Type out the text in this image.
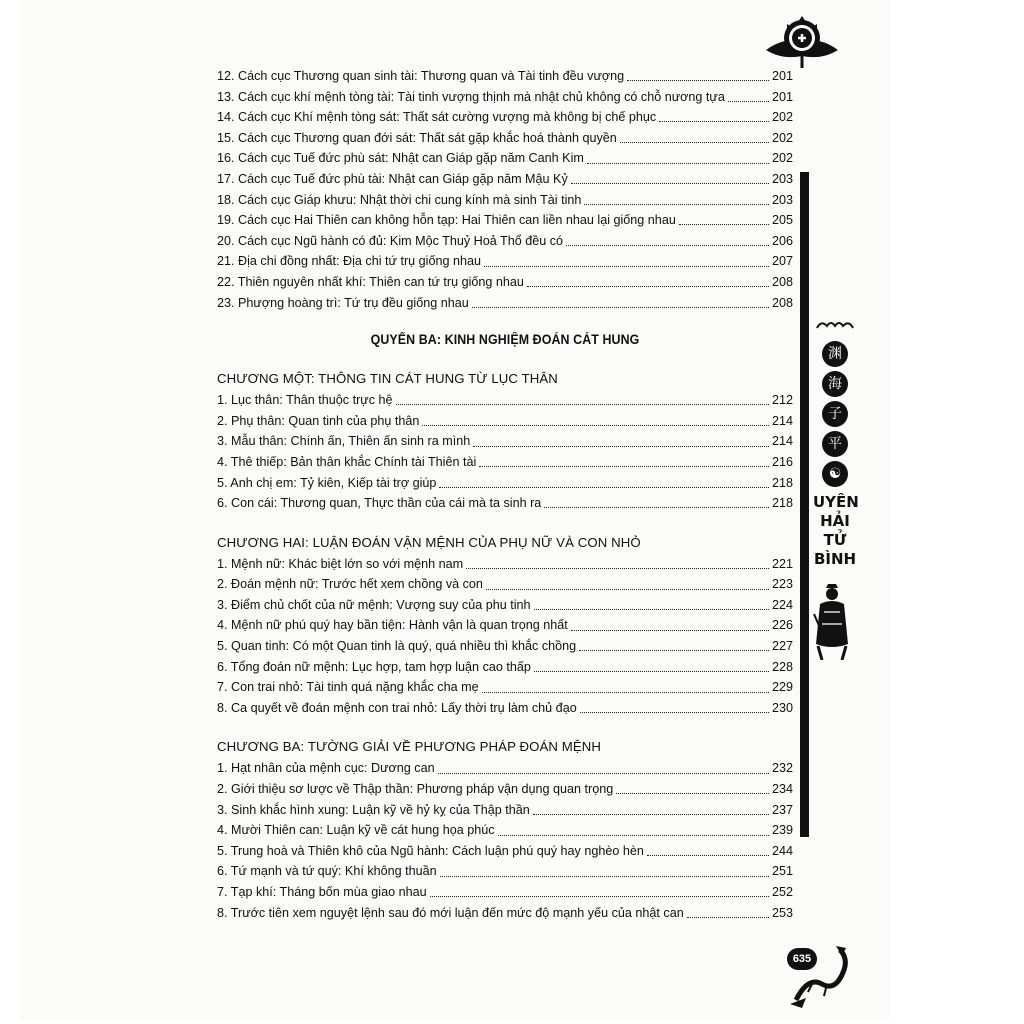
12. Cách cục Thương quan sinh tài: Thương quan và Tài tinh đều vượng	201
13. Cách cục khí mệnh tòng tài: Tài tinh vượng thịnh mà nhật chủ không có chỗ nương tựa	201
14. Cách cục Khí mệnh tòng sát: Thất sát cường vượng mà không bị chế phục	202
15. Cách cục Thương quan đới sát: Thất sát gặp khắc hoá thành quyền	202
16. Cách cục Tuế đức phù sát: Nhật can Giáp gặp năm Canh Kim	202
17. Cách cục Tuế đức phù tài: Nhật can Giáp gặp năm Mậu Kỷ	203
18. Cách cục Giáp khưu: Nhật thời chi cung kính mà sinh Tài tinh	203
19. Cách cục Hai Thiên can không hỗn tạp: Hai Thiên can liền nhau lại giống nhau	205
20. Cách cục Ngũ hành có đủ: Kim Mộc Thuỷ Hoả Thổ đều có	206
21. Địa chi đồng nhất: Địa chi tứ trụ giống nhau	207
22. Thiên nguyên nhất khí: Thiên can tứ trụ giống nhau	208
23. Phượng hoàng trì: Tứ trụ đều giống nhau	208
QUYỂN BA: KINH NGHIỆM ĐOÁN CÁT HUNG
CHƯƠNG MỘT: THÔNG TIN CÁT HUNG TỪ LỤC THÂN
1. Lục thân: Thân thuộc trực hệ	212
2. Phụ thân: Quan tinh của phụ thân	214
3. Mẫu thân: Chính ấn, Thiên ấn sinh ra mình	214
4. Thê thiếp: Bản thân khắc Chính tài Thiên tài	216
5. Anh chị em: Tỷ kiên, Kiếp tài trợ giúp	218
6. Con cái: Thương quan, Thực thần của cái mà ta sinh ra	218
CHƯƠNG HAI: LUẬN ĐOÁN VẬN MỆNH CỦA PHỤ NỮ VÀ CON NHỎ
1. Mệnh nữ: Khác biệt lớn so với mệnh nam	221
2. Đoán mệnh nữ: Trước hết xem chồng và con	223
3. Điểm chủ chốt của nữ mệnh: Vượng suy của phu tinh	224
4. Mệnh nữ phú quý hay bần tiện: Hành vận là quan trọng nhất	226
5. Quan tinh: Có một Quan tinh là quý, quá nhiều thì khắc chồng	227
6. Tổng đoán nữ mệnh: Lục hợp, tam hợp luận cao thấp	228
7. Con trai nhỏ: Tài tinh quá nặng khắc cha mẹ	229
8. Ca quyết về đoán mệnh con trai nhỏ: Lấy thời trụ làm chủ đạo	230
CHƯƠNG BA: TƯỜNG GIẢI VỀ PHƯƠNG PHÁP ĐOÁN MỆNH
1. Hạt nhân của mệnh cục: Dương can	232
2. Giới thiệu sơ lược về Thập thần: Phương pháp vận dụng quan trọng	234
3. Sinh khắc hình xung: Luận kỹ về hỷ kỵ của Thập thần	237
4. Mười Thiên can: Luận kỹ về cát hung họa phúc	239
5. Trung hoà và Thiên khô của Ngũ hành: Cách luận phú quý hay nghèo hèn	244
6. Tứ mạnh và tứ quý: Khí không thuần	251
7. Tạp khí: Tháng bốn mùa giao nhau	252
8. Trước tiên xem nguyệt lệnh sau đó mới luận đến mức độ mạnh yếu của nhật can	253
渊
海
子
平
☯
UYÊN
HẢI
TỬ
BÌNH
635
